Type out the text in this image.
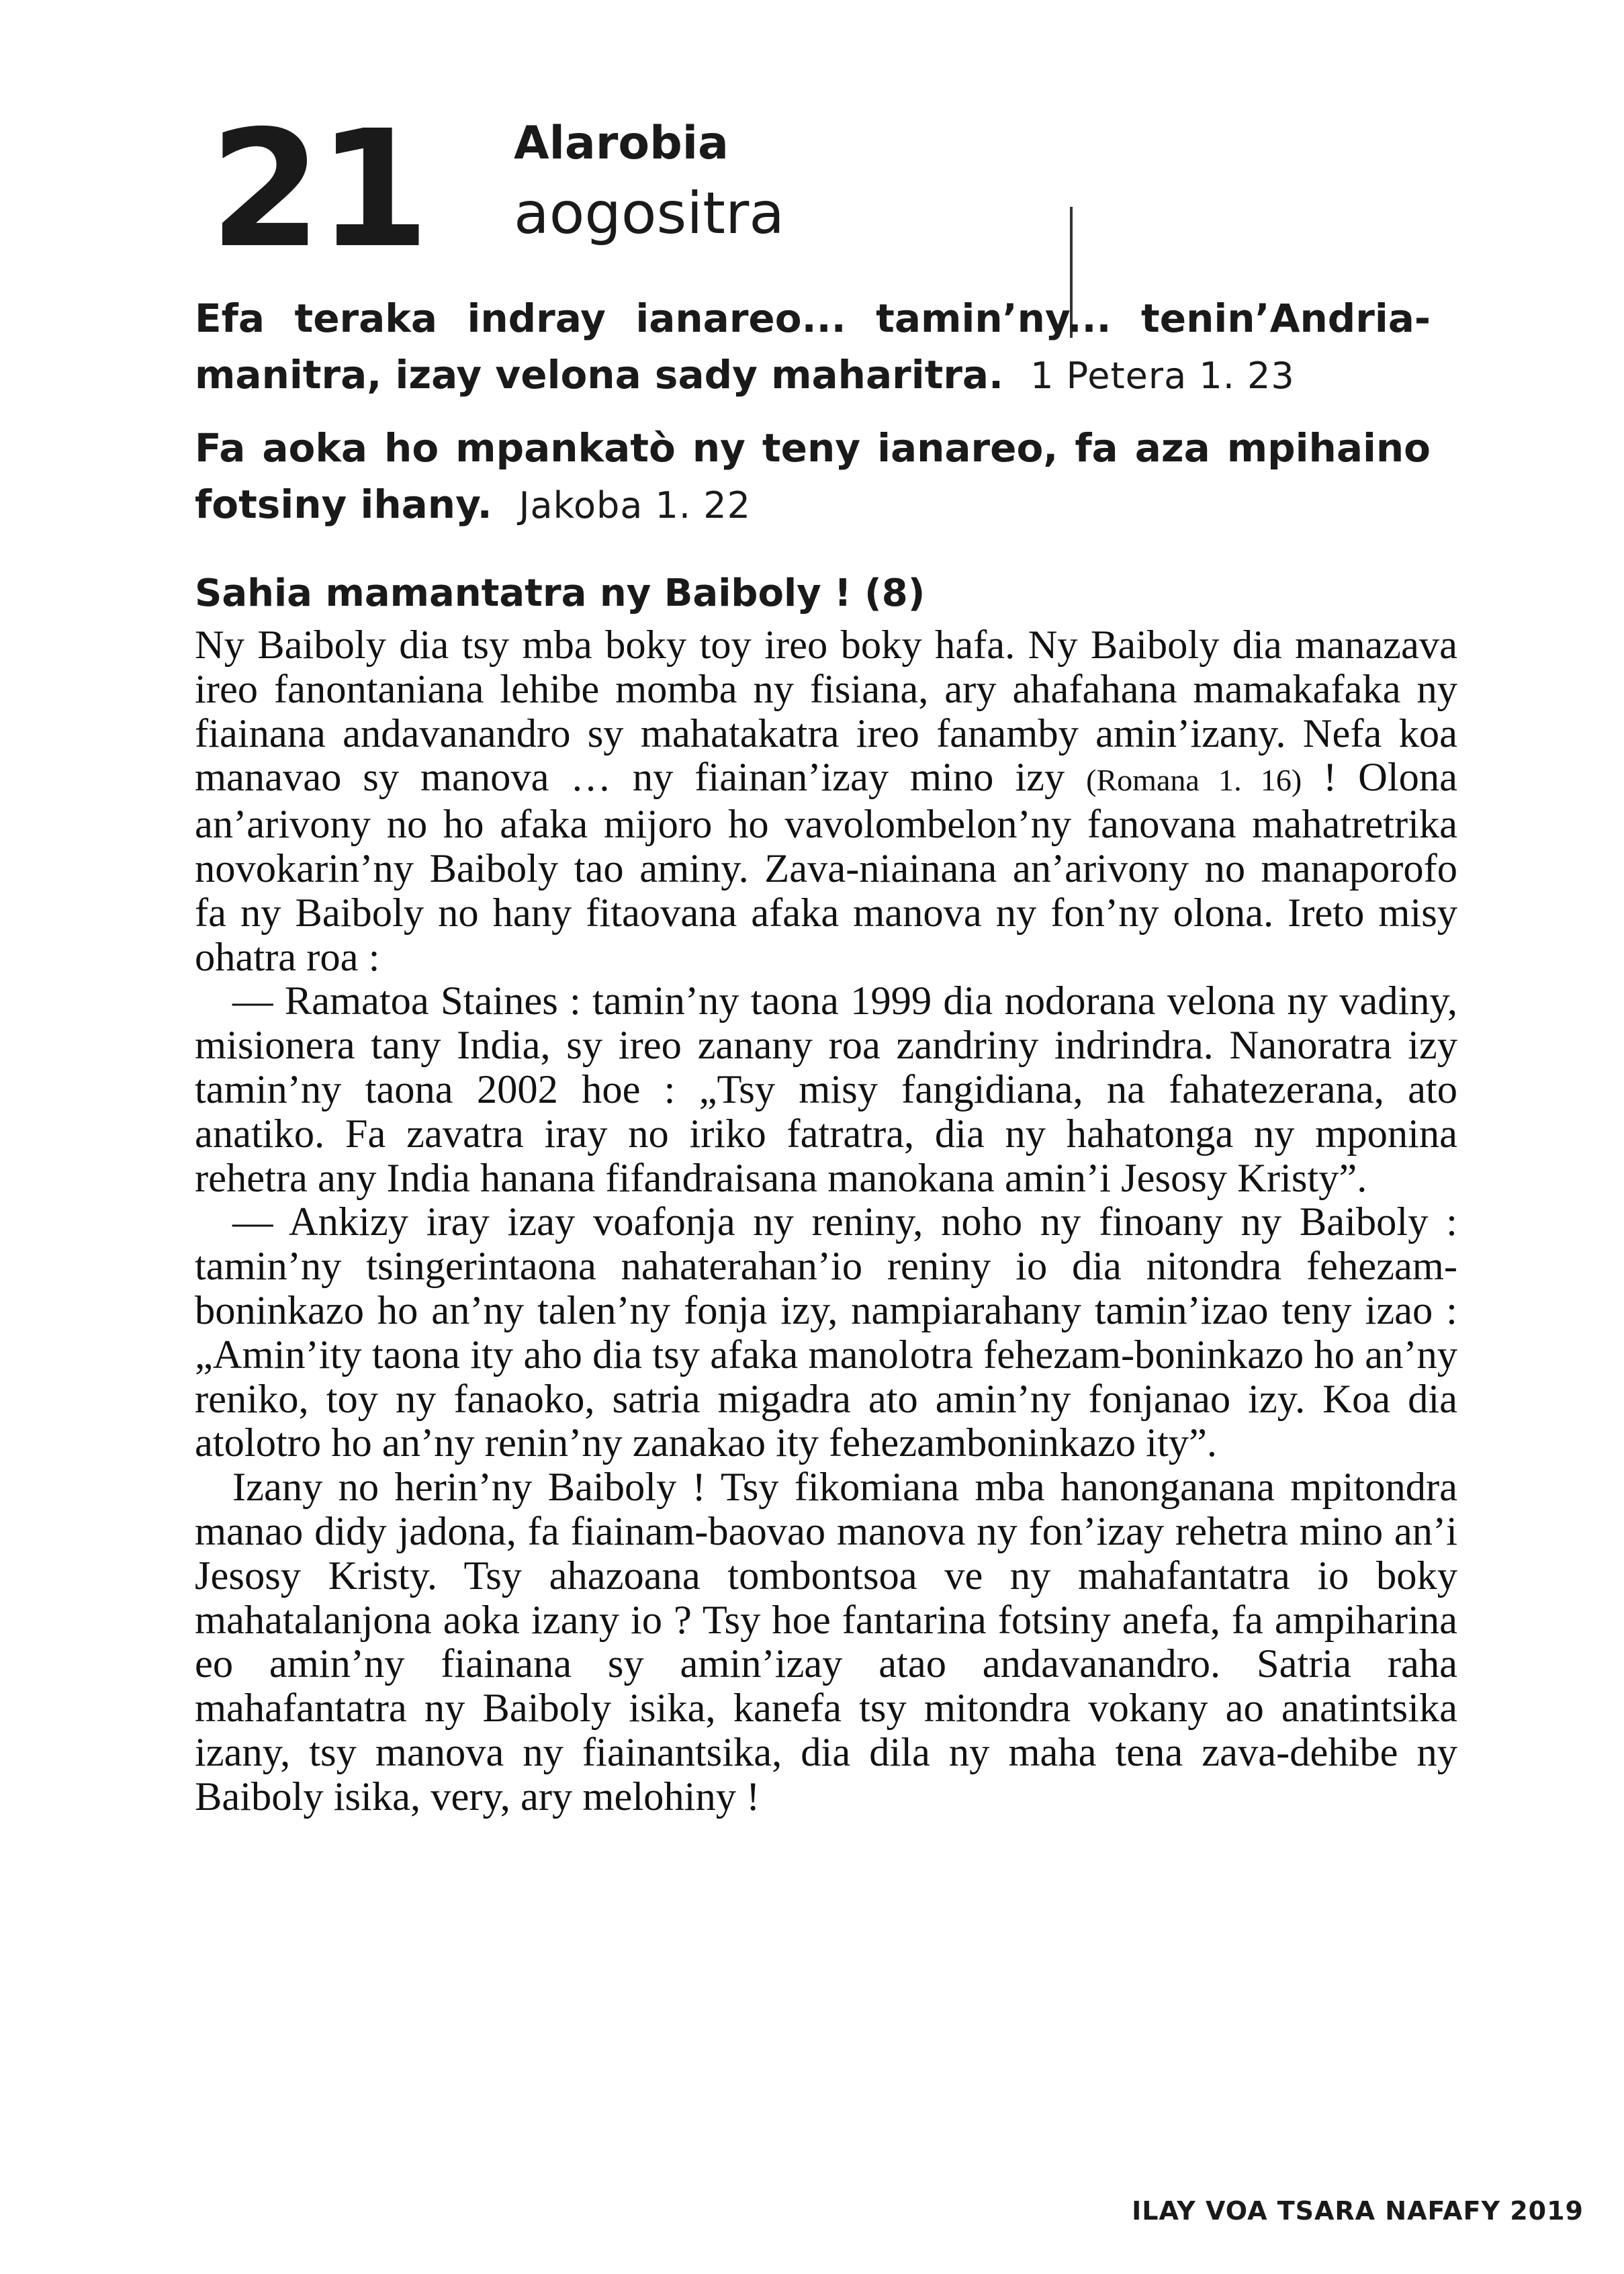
21 Alarobia
aogositra
Efa teraka indray ianareo... tamin’ny... tenin’Andriamanitra, izay velona sady maharitra. 1 Petera 1. 23
Fa aoka ho mpankatò ny teny ianareo, fa aza mpihaino fotsiny ihany. Jakoba 1. 22
Sahia mamantatra ny Baiboly ! (8)

Ny Baiboly dia tsy mba boky toy ireo boky hafa. Ny Baiboly dia manazava ireo fanontaniana lehibe momba ny fisiana, ary ahafahana mamakafaka ny fiainana andavanandro sy mahatakatra ireo fanamby amin’izany. Nefa koa manavao sy manova … ny fiainan’izay mino izy (Romana 1. 16) ! Olona an’arivony no ho afaka mijoro ho vavolombelon’ny fanovana mahatretrika novokarin’ny Baiboly tao aminy. Zava-niainana an’arivony no manaporofo fa ny Baiboly no hany fitaovana afaka manova ny fon’ny olona. Ireto misy ohatra roa :

— Ramatoa Staines : tamin’ny taona 1999 dia nodorana velona ny vadiny, misionera tany India, sy ireo zanany roa zandriny indrindra. Nanoratra izy tamin’ny taona 2002 hoe : „Tsy misy fangidiana, na fahatezerana, ato anatiko. Fa zavatra iray no iriko fatratra, dia ny hahatonga ny mponina rehetra any India hanana fifandraisana manokana amin’i Jesosy Kristy”.

— Ankizy iray izay voafonja ny reniny, noho ny finoany ny Baiboly : tamin’ny tsingerintaona nahaterahan’io reniny io dia nitondra fehezam-boninkazo ho an’ny talen’ny fonja izy, nampiarahany tamin’izao teny izao : „Amin’ity taona ity aho dia tsy afaka manolotra fehezam-boninkazo ho an’ny reniko, toy ny fanaoko, satria migadra ato amin’ny fonjanao izy. Koa dia atolotro ho an’ny renin’ny zanakao ity fehezamboninkazo ity”.

Izany no herin’ny Baiboly ! Tsy fikomiana mba hanonganana mpitondra manao didy jadona, fa fiainam-baovao manova ny fon’izay rehetra mino an’i Jesosy Kristy. Tsy ahazoana tombontsoa ve ny mahafantatra io boky mahatalanjona aoka izany io ? Tsy hoe fantarina fotsiny anefa, fa ampiharina eo amin’ny fiainana sy amin’izay atao andavanandro. Satria raha mahafantatra ny Baiboly isika, kanefa tsy mitondra vokany ao anatintsika izany, tsy manova ny fiainantsika, dia dila ny maha tena zava-dehibe ny Baiboly isika, very, ary melohiny !

ILAY VOA TSARA NAFAFY 2019
